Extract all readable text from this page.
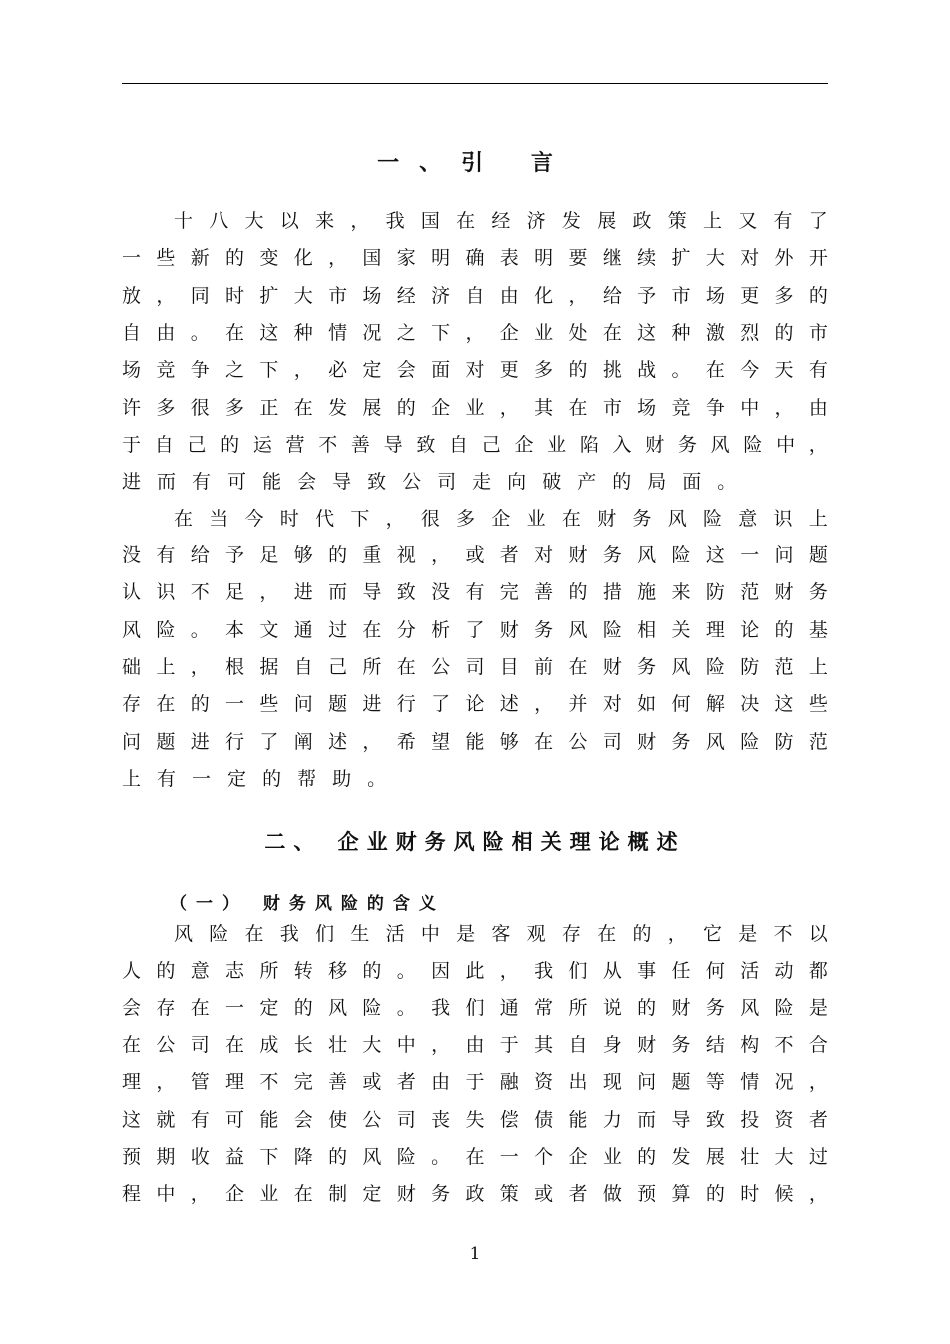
一、引 言
十 八 大 以 来 ， 我 国 在 经 济 发 展 政 策 上 又 有 了
一 些 新 的 变 化 ， 国 家 明 确 表 明 要 继 续 扩 大 对 外 开
放 ， 同 时 扩 大 市 场 经 济 自 由 化 ， 给 予 市 场 更 多 的
自 由 。 在 这 种 情 况 之 下 ， 企 业 处 在 这 种 激 烈 的 市
场 竞 争 之 下 ， 必 定 会 面 对 更 多 的 挑 战 。 在 今 天 有
许 多 很 多 正 在 发 展 的 企 业 ， 其 在 市 场 竞 争 中 ， 由
于 自 己 的 运 营 不 善 导 致 自 己 企 业 陷 入 财 务 风 险 中 ，
进 而 有 可 能 会 导 致 公 司 走 向 破 产 的 局 面 。
在 当 今 时 代 下 ， 很 多 企 业 在 财 务 风 险 意 识 上
没 有 给 予 足 够 的 重 视 ， 或 者 对 财 务 风 险 这 一 问 题
认 识 不 足 ， 进 而 导 致 没 有 完 善 的 措 施 来 防 范 财 务
风 险 。 本 文 通 过 在 分 析 了 财 务 风 险 相 关 理 论 的 基
础 上 ， 根 据 自 己 所 在 公 司 目 前 在 财 务 风 险 防 范 上
存 在 的 一 些 问 题 进 行 了 论 述 ， 并 对 如 何 解 决 这 些
问 题 进 行 了 阐 述 ， 希 望 能 够 在 公 司 财 务 风 险 防 范
上 有 一 定 的 帮 助 。
二、 企业财务风险相关理论概述
（一） 财务风险的含义
风 险 在 我 们 生 活 中 是 客 观 存 在 的 ， 它 是 不 以
人 的 意 志 所 转 移 的 。 因 此 ， 我 们 从 事 任 何 活 动 都
会 存 在 一 定 的 风 险 。 我 们 通 常 所 说 的 财 务 风 险 是
在 公 司 在 成 长 壮 大 中 ， 由 于 其 自 身 财 务 结 构 不 合
理 ， 管 理 不 完 善 或 者 由 于 融 资 出 现 问 题 等 情 况 ，
这 就 有 可 能 会 使 公 司 丧 失 偿 债 能 力 而 导 致 投 资 者
预 期 收 益 下 降 的 风 险 。 在 一 个 企 业 的 发 展 壮 大 过
程 中 ， 企 业 在 制 定 财 务 政 策 或 者 做 预 算 的 时 候 ，
1
